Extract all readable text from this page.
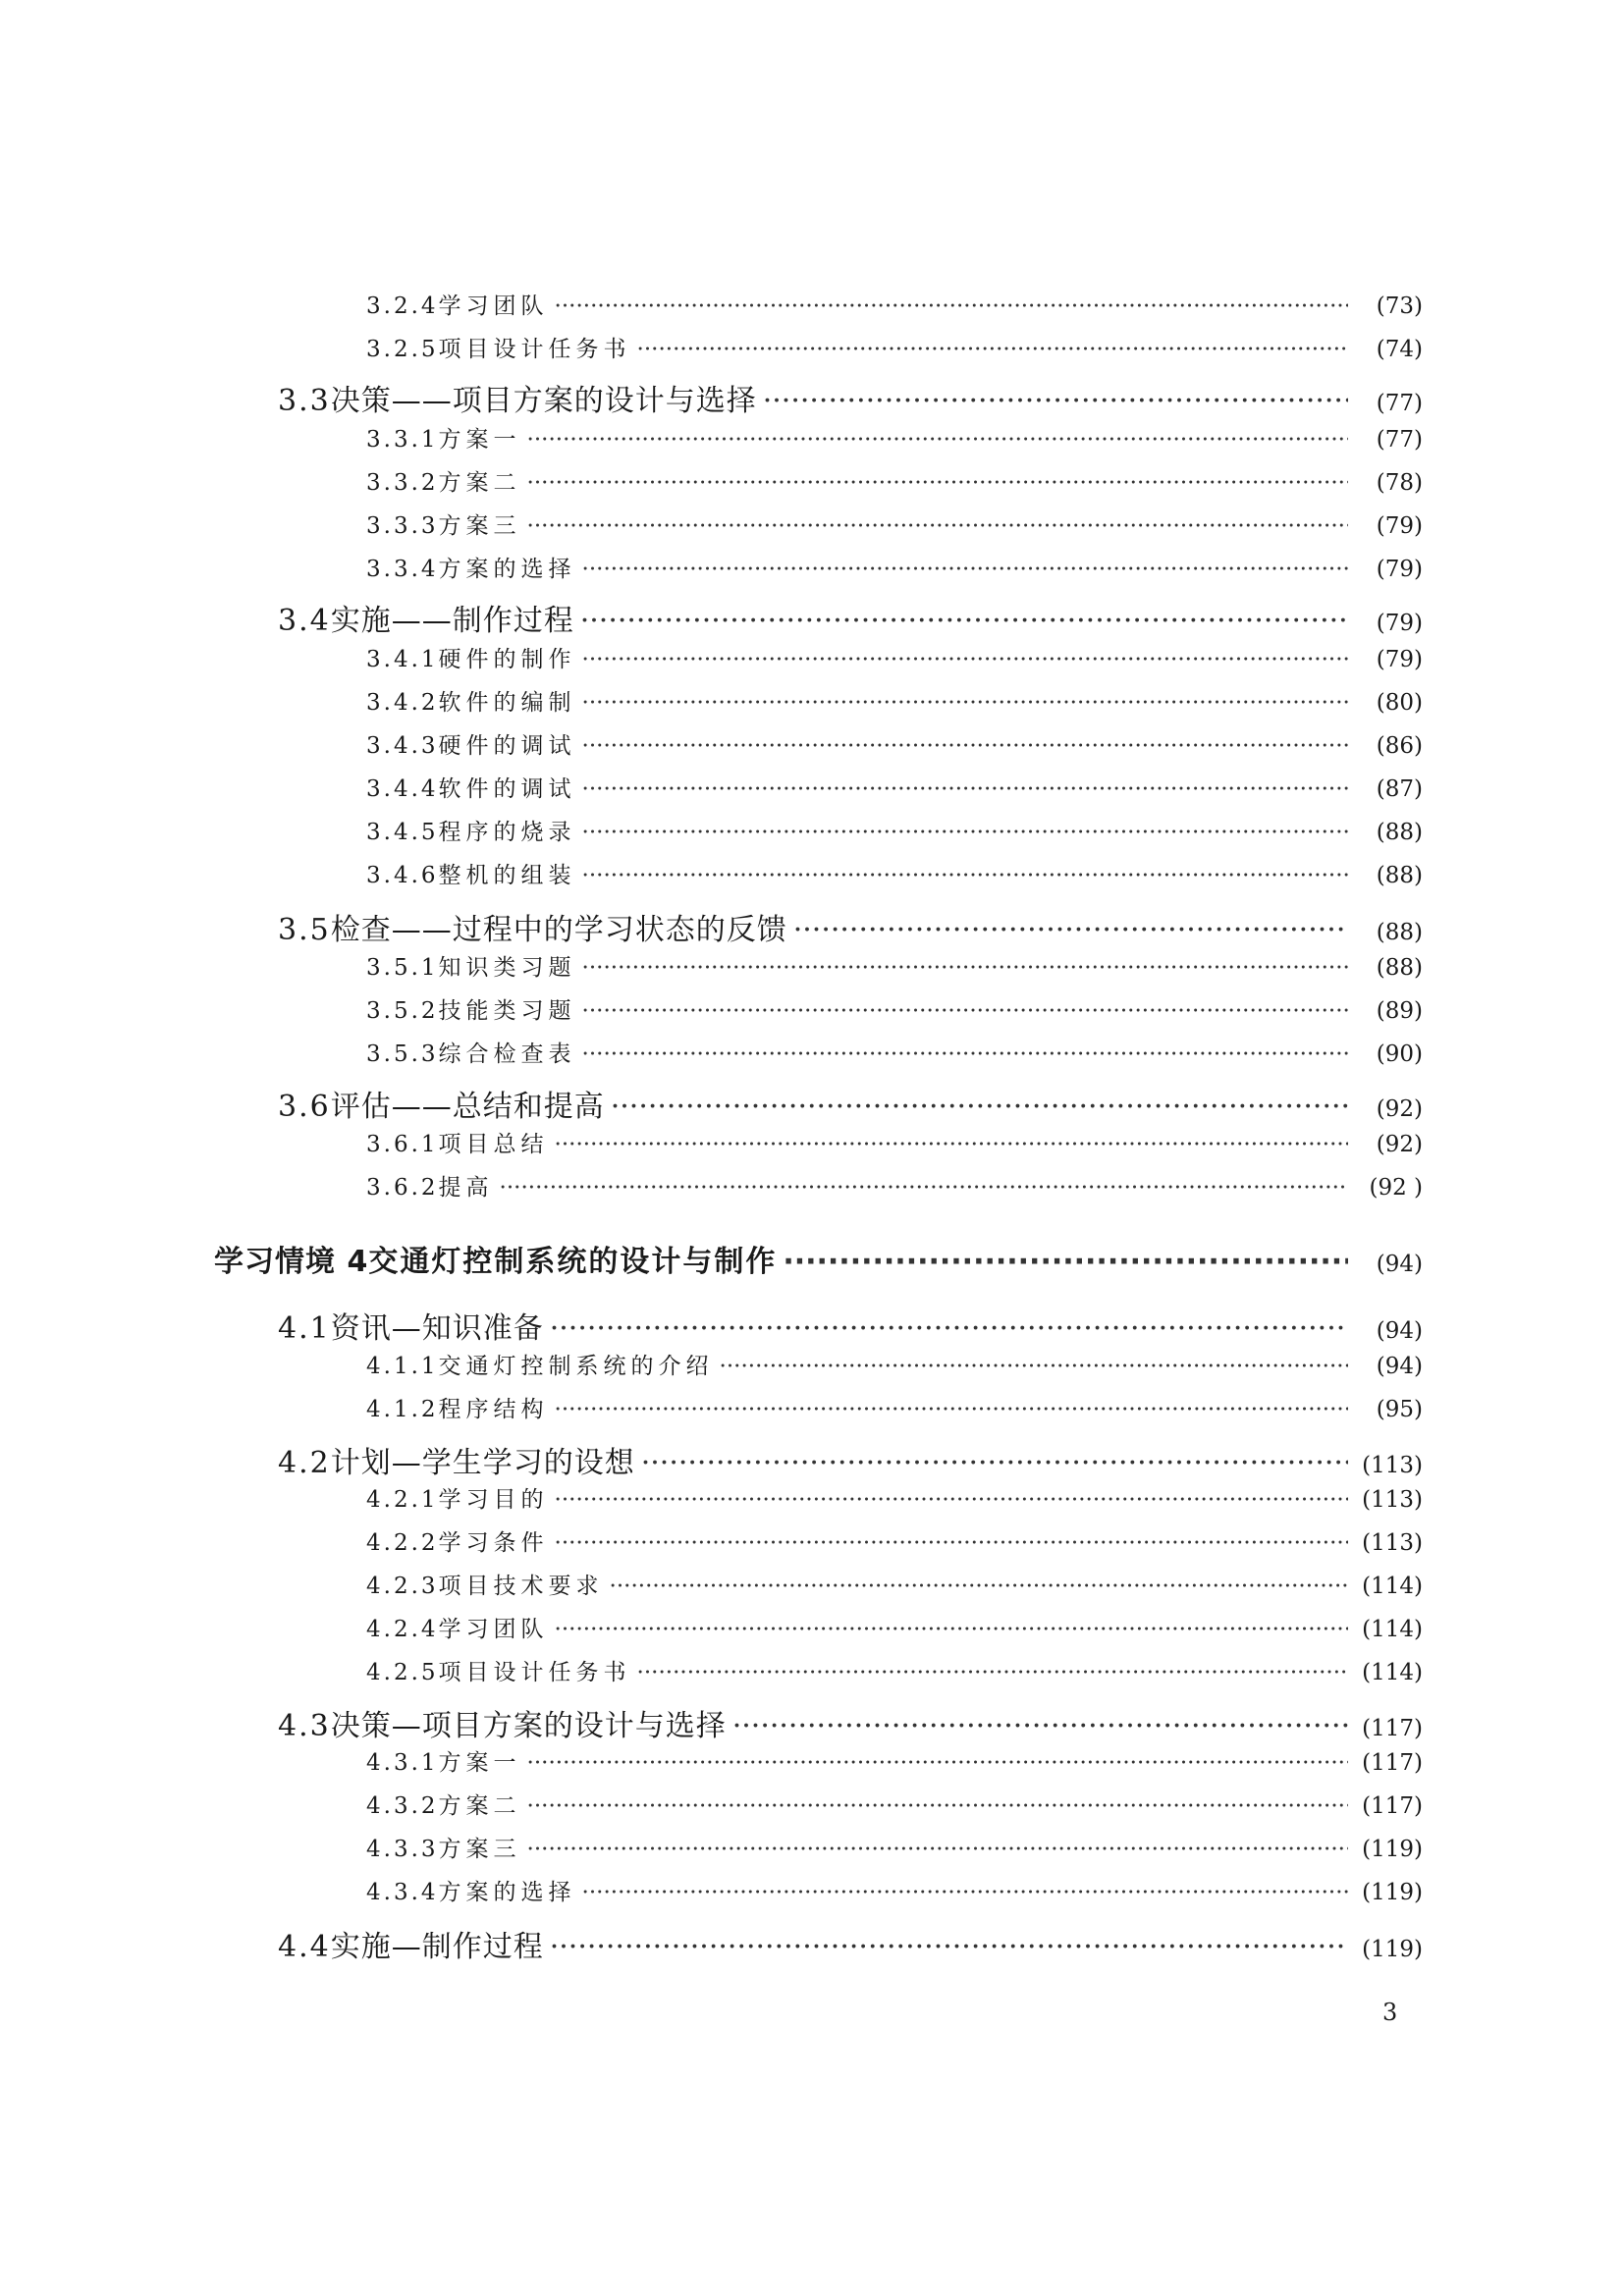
3.2.4 学习团队 ·····	(73)
3.2.5 项目设计任务书 ·····	(74)
3.3 决策——项目方案的设计与选择 ·····	(77)
3.3.1 方案一 ·····	(77)
3.3.2 方案二 ·····	(78)
3.3.3 方案三 ·····	(79)
3.3.4 方案的选择 ·····	(79)
3.4 实施——制作过程 ·····	(79)
3.4.1 硬件的制作 ·····	(79)
3.4.2 软件的编制 ·····	(80)
3.4.3 硬件的调试 ·····	(86)
3.4.4 软件的调试 ·····	(87)
3.4.5 程序的烧录 ·····	(88)
3.4.6 整机的组装 ·····	(88)
3.5 检查——过程中的学习状态的反馈 ·····	(88)
3.5.1 知识类习题 ·····	(88)
3.5.2 技能类习题 ·····	(89)
3.5.3 综合检查表 ·····	(90)
3.6 评估——总结和提高 ·····	(92)
3.6.1 项目总结 ·····	(92)
3.6.2 提高 ·····	(92 )
学习情境 4 交通灯控制系统的设计与制作 ·····	(94)
4.1 资讯—知识准备 ·····	(94)
4.1.1 交通灯控制系统的介绍 ·····	(94)
4.1.2 程序结构 ·····	(95)
4.2 计划—学生学习的设想 ·····	(113)
4.2.1 学习目的 ·····	(113)
4.2.2 学习条件 ·····	(113)
4.2.3 项目技术要求 ·····	(114)
4.2.4 学习团队 ·····	(114)
4.2.5 项目设计任务书 ·····	(114)
4.3 决策—项目方案的设计与选择 ·····	(117)
4.3.1 方案一 ·····	(117)
4.3.2 方案二 ·····	(117)
4.3.3 方案三 ·····	(119)
4.3.4 方案的选择 ·····	(119)
4.4 实施—制作过程 ·····	(119)
3
